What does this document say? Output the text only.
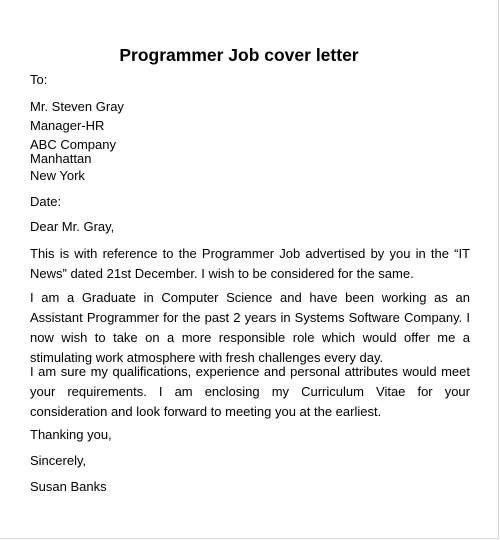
Programmer Job cover letter
To:
Mr. Steven Gray
Manager-HR
ABC Company
Manhattan
New York
Date:
Dear Mr. Gray,

This is with reference to the Programmer Job advertised by you in the “IT News” dated 21st December. I wish to be considered for the same.

I am a Graduate in Computer Science and have been working as an Assistant Programmer for the past 2 years in Systems Software Company. I now wish to take on a more responsible role which would offer me a stimulating work atmosphere with fresh challenges every day.

I am sure my qualifications, experience and personal attributes would meet your requirements. I am enclosing my Curriculum Vitae for your consideration and look forward to meeting you at the earliest.

Thanking you,
Sincerely,
Susan Banks
